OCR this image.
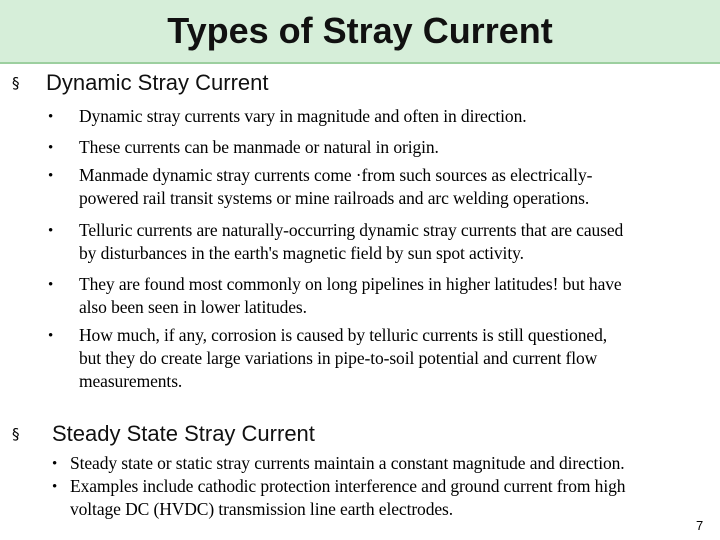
Types of Stray Current
§ Dynamic Stray Current
• Dynamic stray currents vary in magnitude and often in direction.
• These currents can be manmade or natural in origin.
• Manmade dynamic stray currents come ·from such sources as electrically-
powered rail transit systems or mine railroads and arc welding operations.
• Telluric currents are naturally-occurring dynamic stray currents that are caused
by disturbances in the earth's magnetic field by sun spot activity.
• They are found most commonly on long pipelines in higher latitudes! but have
also been seen in lower latitudes.
• How much, if any, corrosion is caused by telluric currents is still questioned,
but they do create large variations in pipe-to-soil potential and current flow
measurements.
§ Steady State Stray Current
• Steady state or static stray currents maintain a constant magnitude and direction.
• Examples include cathodic protection interference and ground current from high
voltage DC (HVDC) transmission line earth electrodes.
7
